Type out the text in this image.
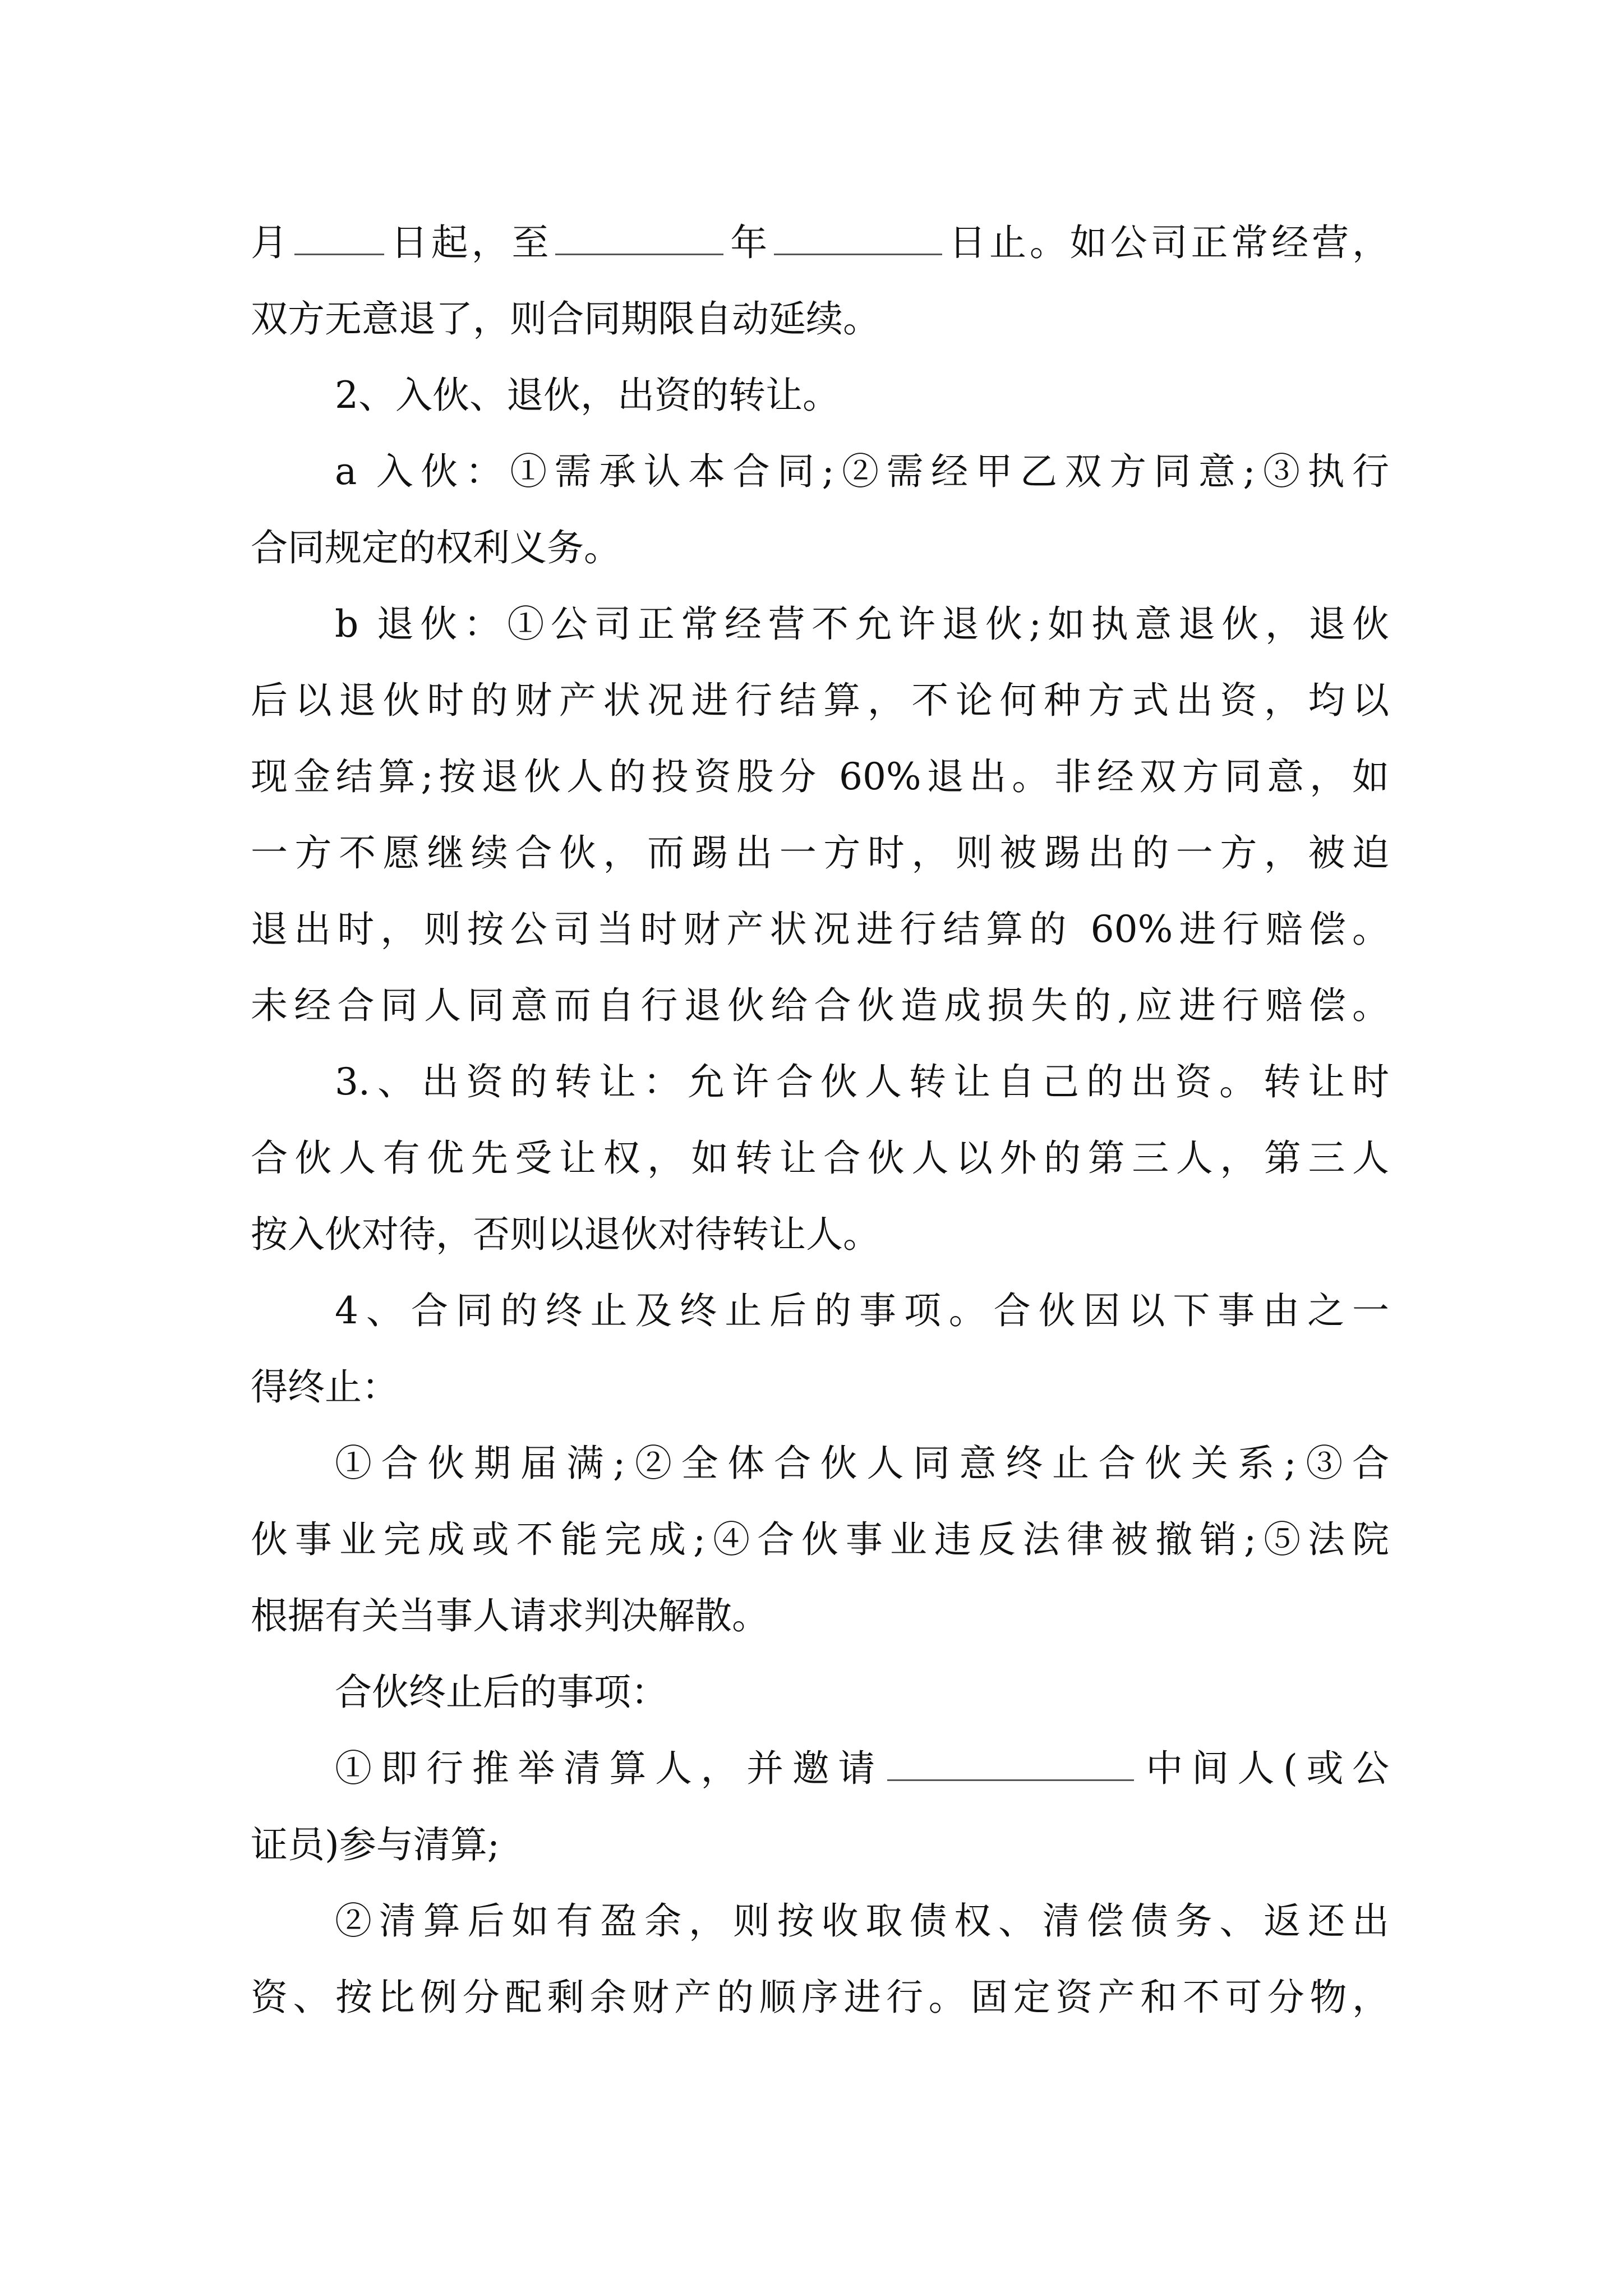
月	日起，至	年	日止。如公司正常经营，
双方无意退了，则合同期限自动延续。
2、入伙、退伙，出资的转让。
a 入伙：①需承认本合同;②需经甲乙双方同意;③执行
合同规定的权利义务。
b 退伙：①公司正常经营不允许退伙;如执意退伙，退伙
后以退伙时的财产状况进行结算，不论何种方式出资，均以
现金结算;按退伙人的投资股分 60%退出。非经双方同意，如
一方不愿继续合伙，而踢出一方时，则被踢出的一方，被迫
退出时，则按公司当时财产状况进行结算的 60%进行赔偿。
未经合同人同意而自行退伙给合伙造成损失的,应进行赔偿。
3.、出资的转让：允许合伙人转让自己的出资。转让时
合伙人有优先受让权，如转让合伙人以外的第三人，第三人
按入伙对待，否则以退伙对待转让人。
4、合同的终止及终止后的事项。合伙因以下事由之一
得终止：
①合伙期届满;②全体合伙人同意终止合伙关系;③合
伙事业完成或不能完成;④合伙事业违反法律被撤销;⑤法院
根据有关当事人请求判决解散。
合伙终止后的事项：
①即行推举清算人，并邀请	中间人(或公
证员)参与清算;
②清算后如有盈余，则按收取债权、清偿债务、返还出
资、按比例分配剩余财产的顺序进行。固定资产和不可分物，
